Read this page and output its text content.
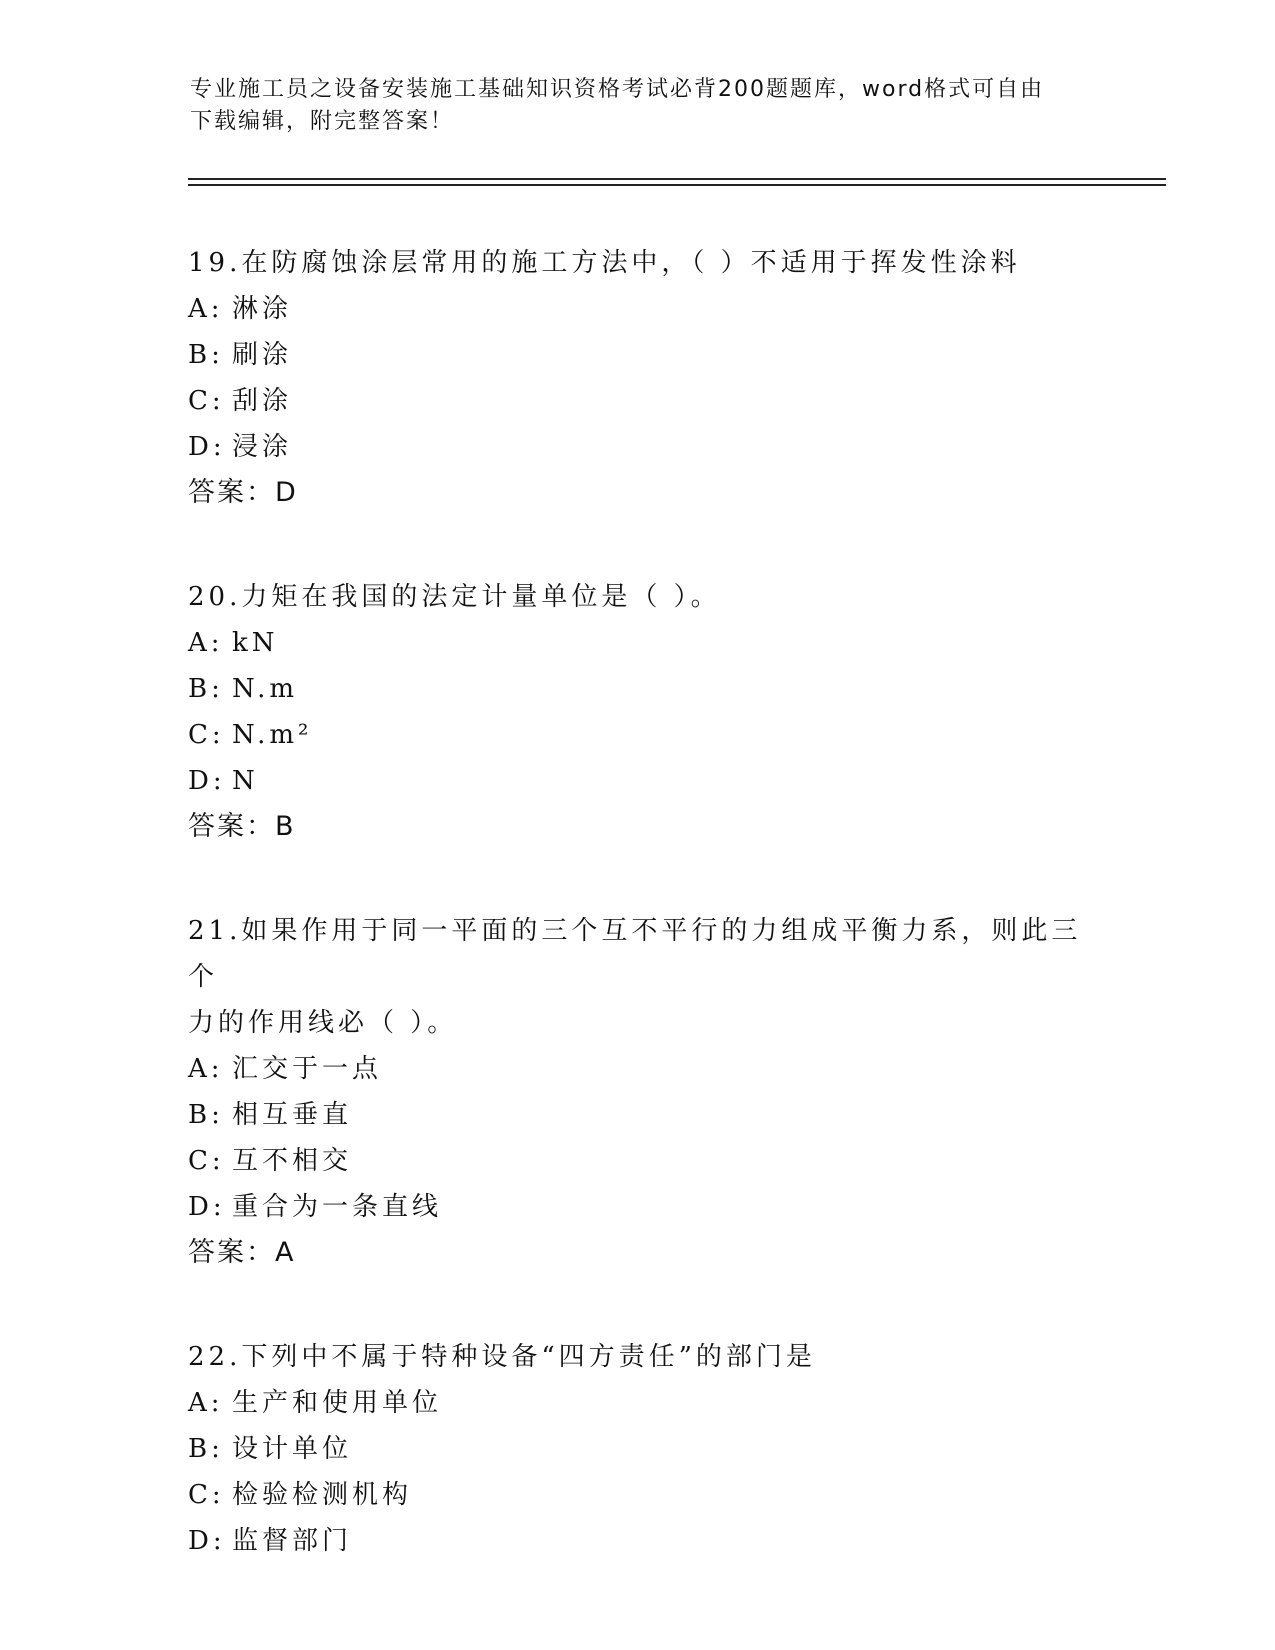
专业施工员之设备安装施工基础知识资格考试必背200题题库，word格式可自由
下载编辑，附完整答案！

19.在防腐蚀涂层常用的施工方法中，（ ）不适用于挥发性涂料

A: 淋涂
B: 刷涂
C: 刮涂
D: 浸涂

答案：D

20.力矩在我国的法定计量单位是（ ）。

A: kN
B: N.m
C: N.m²
D: N

答案：B

21.如果作用于同一平面的三个互不平行的力组成平衡力系，则此三个

力的作用线必（ ）。

A: 汇交于一点
B: 相互垂直
C: 互不相交
D: 重合为一条直线

答案：A

22.下列中不属于特种设备“四方责任”的部门是

A: 生产和使用单位
B: 设计单位
C: 检验检测机构
D: 监督部门
